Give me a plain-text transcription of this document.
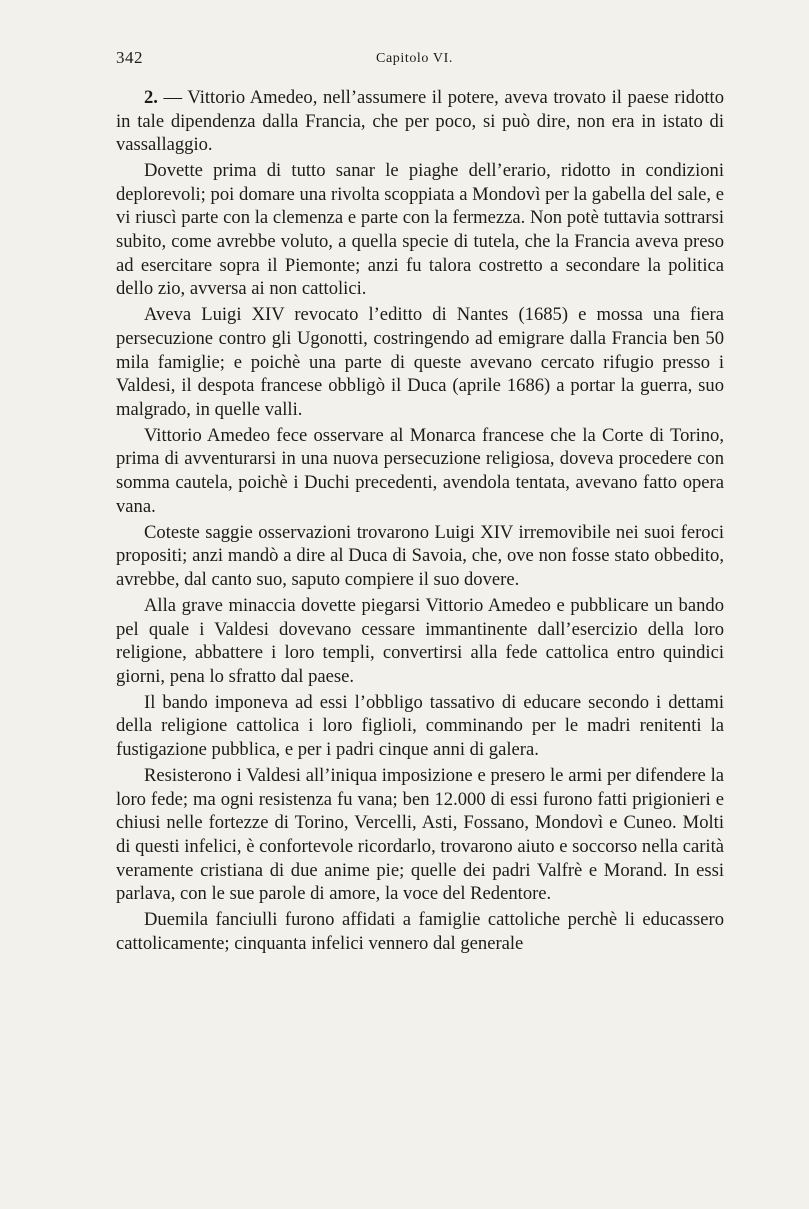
342	Capitolo VI.

2. — Vittorio Amedeo, nell’assumere il potere, aveva trovato il paese ridotto in tale dipendenza dalla Francia, che per poco, si può dire, non era in istato di vassallaggio.

Dovette prima di tutto sanar le piaghe dell’erario, ridotto in condizioni deplorevoli; poi domare una rivolta scoppiata a Mondovì per la gabella del sale, e vi riuscì parte con la clemenza e parte con la fermezza. Non potè tuttavia sottrarsi subito, come avrebbe voluto, a quella specie di tutela, che la Francia aveva preso ad esercitare sopra il Piemonte; anzi fu talora costretto a secondare la politica dello zio, avversa ai non cattolici.

Aveva Luigi XIV revocato l’editto di Nantes (1685) e mossa una fiera persecuzione contro gli Ugonotti, costringendo ad emigrare dalla Francia ben 50 mila famiglie; e poichè una parte di queste avevano cercato rifugio presso i Valdesi, il despota francese obbligò il Duca (aprile 1686) a portar la guerra, suo malgrado, in quelle valli.

Vittorio Amedeo fece osservare al Monarca francese che la Corte di Torino, prima di avventurarsi in una nuova persecuzione religiosa, doveva procedere con somma cautela, poichè i Duchi precedenti, avendola tentata, avevano fatto opera vana.

Coteste saggie osservazioni trovarono Luigi XIV irremovibile nei suoi feroci propositi; anzi mandò a dire al Duca di Savoia, che, ove non fosse stato obbedito, avrebbe, dal canto suo, saputo compiere il suo dovere.

Alla grave minaccia dovette piegarsi Vittorio Amedeo e pubblicare un bando pel quale i Valdesi dovevano cessare immantinente dall’esercizio della loro religione, abbattere i loro templi, convertirsi alla fede cattolica entro quindici giorni, pena lo sfratto dal paese.

Il bando imponeva ad essi l’obbligo tassativo di educare secondo i dettami della religione cattolica i loro figlioli, comminando per le madri renitenti la fustigazione pubblica, e per i padri cinque anni di galera.

Resisterono i Valdesi all’iniqua imposizione e presero le armi per difendere la loro fede; ma ogni resistenza fu vana; ben 12.000 di essi furono fatti prigionieri e chiusi nelle fortezze di Torino, Vercelli, Asti, Fossano, Mondovì e Cuneo. Molti di questi infelici, è confortevole ricordarlo, trovarono aiuto e soccorso nella carità veramente cristiana di due anime pie; quelle dei padri Valfrè e Morand. In essi parlava, con le sue parole di amore, la voce del Redentore.

Duemila fanciulli furono affidati a famiglie cattoliche perchè li educassero cattolicamente; cinquanta infelici vennero dal generale
